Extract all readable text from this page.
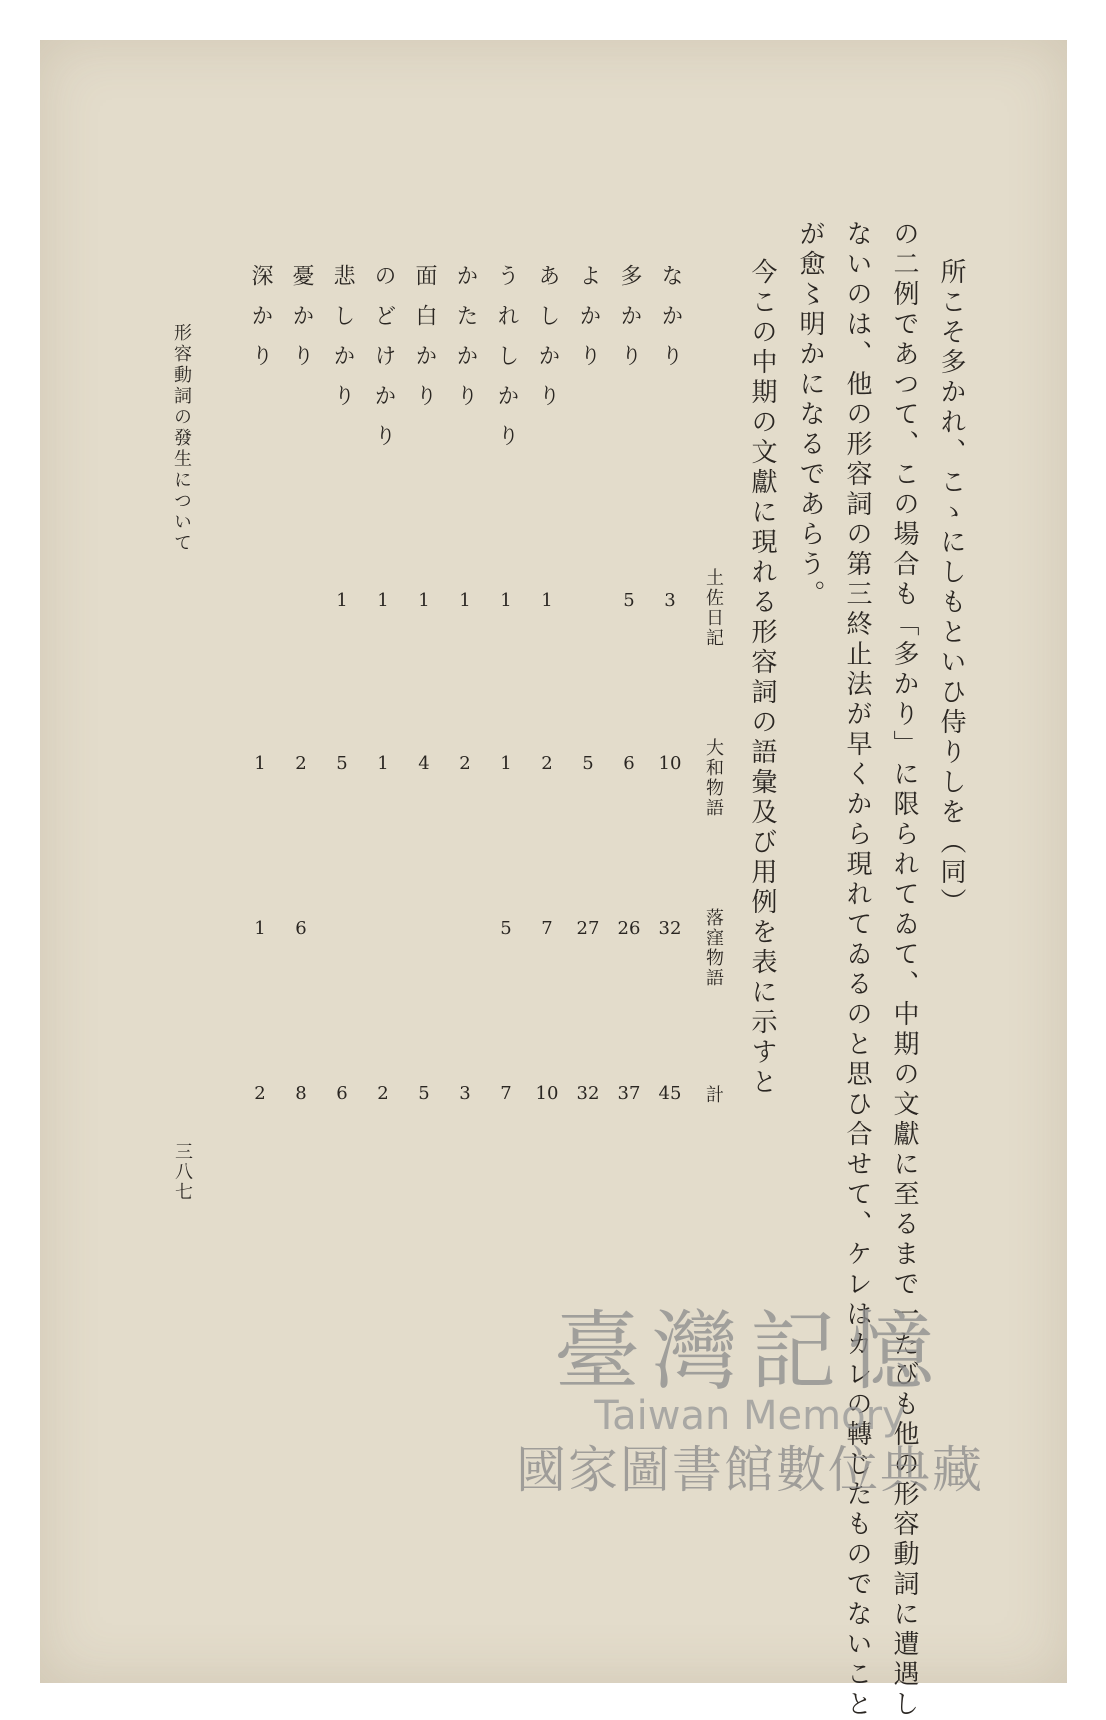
所こそ多かれ、こゝにしもといひ侍りしを（同）
の二例であつて、この場合も「多かり」に限られてゐて、中期の文獻に至るまで一たびも他の形容動詞に遭遇し
ないのは、他の形容詞の第三終止法が早くから現れてゐるのと思ひ合せて、ケレはカレの轉じたものでないこと
が愈〻明かになるであらう。
今この中期の文獻に現れる形容詞の語彙及び用例を表に示すと
土佐日記
大和物語
落窪物語
計
なかり
多かり
よかり
あしかり
うれしかり
かたかり
面白かり
のどけかり
悲しかり
憂かり
深かり
3
5
1
1
1
1
1
1
10
6
5
2
1
2
4
1
5
2
1
32
26
27
7
5
6
1
45
37
32
10
7
3
5
2
6
8
2
形容動詞の發生について
三八七
臺灣記憶
Taiwan Memory
國家圖書館數位典藏
